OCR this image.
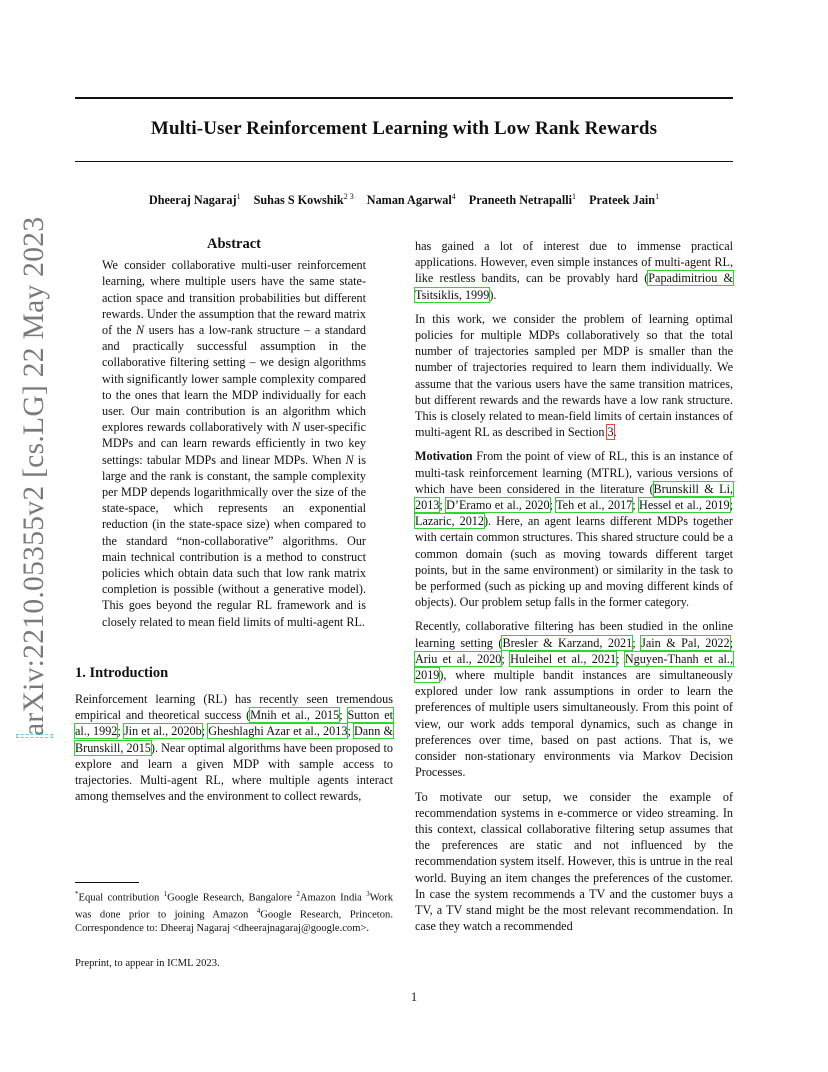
Multi-User Reinforcement Learning with Low Rank Rewards
Dheeraj Nagaraj$^1$ Suhas S Kowshik$^{2 3}$ Naman Agarwal$^4$ Praneeth Netrapalli$^1$ Prateek Jain$^1$
arXiv:2210.05355v2 [cs.LG] 22 May 2023	Abstract
We consider collaborative multi-user reinforcement learning, where multiple users have the same state-action space and transition probabilities but different rewards. Under the assumption that the reward matrix of the N users has a low-rank structure – a standard and practically successful assumption in the collaborative filtering setting – we design algorithms with significantly lower sample complexity compared to the ones that learn the MDP individually for each user. Our main contribution is an algorithm which explores rewards collaboratively with N user-specific MDPs and can learn rewards efficiently in two key settings: tabular MDPs and linear MDPs. When N is large and the rank is constant, the sample complexity per MDP depends logarithmically over the size of the state-space, which represents an exponential reduction (in the state-space size) when compared to the standard “non-collaborative” algorithms. Our main technical contribution is a method to construct policies which obtain data such that low rank matrix completion is possible (without a generative model). This goes beyond the regular RL framework and is closely related to mean field limits of multi-agent RL.
1. Introduction

Reinforcement learning (RL) has recently seen tremendous empirical and theoretical success (Mnih et al., 2015; Sutton et al., 1992; Jin et al., 2020b; Gheshlaghi Azar et al., 2013; Dann & Brunskill, 2015). Near optimal algorithms have been proposed to explore and learn a given MDP with sample access to trajectories. Multi-agent RL, where multiple agents interact among themselves and the environment to collect rewards,

*Equal contribution $^1$Google Research, Bangalore $^2$Amazon India $^3$Work was done prior to joining Amazon $^4$Google Research, Princeton. Correspondence to: Dheeraj Nagaraj <dheerajnagaraj@google.com>.
Preprint, to appear in ICML 2023.

has gained a lot of interest due to immense practical applications. However, even simple instances of multi-agent RL, like restless bandits, can be provably hard (Papadimitriou & Tsitsiklis, 1999).

In this work, we consider the problem of learning optimal policies for multiple MDPs collaboratively so that the total number of trajectories sampled per MDP is smaller than the number of trajectories required to learn them individually. We assume that the various users have the same transition matrices, but different rewards and the rewards have a low rank structure. This is closely related to mean-field limits of certain instances of multi-agent RL as described in Section 3.

Motivation From the point of view of RL, this is an instance of multi-task reinforcement learning (MTRL), various versions of which have been considered in the literature (Brunskill & Li, 2013; D’Eramo et al., 2020; Teh et al., 2017; Hessel et al., 2019; Lazaric, 2012). Here, an agent learns different MDPs together with certain common structures. This shared structure could be a common domain (such as moving towards different target points, but in the same environment) or similarity in the task to be performed (such as picking up and moving different kinds of objects). Our problem setup falls in the former category.

Recently, collaborative filtering has been studied in the online learning setting (Bresler & Karzand, 2021; Jain & Pal, 2022; Ariu et al., 2020; Huleihel et al., 2021; Nguyen-Thanh et al., 2019), where multiple bandit instances are simultaneously explored under low rank assumptions in order to learn the preferences of multiple users simultaneously. From this point of view, our work adds temporal dynamics, such as change in preferences over time, based on past actions. That is, we consider non-stationary environments via Markov Decision Processes.

To motivate our setup, we consider the example of recommendation systems in e-commerce or video streaming. In this context, classical collaborative filtering setup assumes that the preferences are static and not influenced by the recommendation system itself. However, this is untrue in the real world. Buying an item changes the preferences of the customer. In case the system recommends a TV and the customer buys a TV, a TV stand might be the most relevant recommendation. In case they watch a recommended

1
